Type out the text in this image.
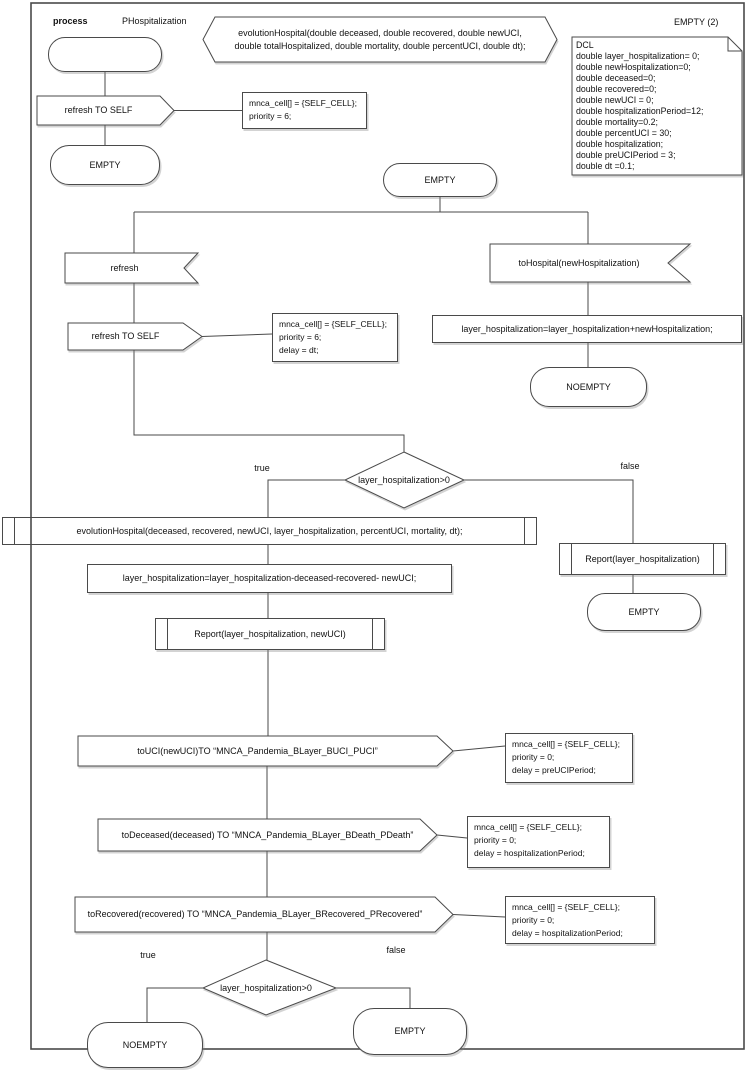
process	PHospitalization	EMPTY (2)
refresh TO SELF
evolutionHospital(double deceased, double recovered, double newUCI,
double totalHospitalized, double mortality, double percentUCI, double dt);	DCL
double layer_hospitalization= 0;
double newHospitalization=0;
double deceased=0;
double recovered=0;
double newUCI = 0;
double hospitalizationPeriod=12;
double mortality=0.2;
double percentUCI = 30;
double hospitalization;
double preUCIPeriod = 3;
double dt =0.1;
mnca_cell[] = {SELF_CELL};
priority = 6;
mnca_cell[] = {SELF_CELL};
priority = 6;
delay = dt;
mnca_cell[] = {SELF_CELL};
priority = 0;
delay = preUCIPeriod;
mnca_cell[] = {SELF_CELL};
priority = 0;
delay = hospitalizationPeriod;
mnca_cell[] = {SELF_CELL};
priority = 0;
delay = hospitalizationPeriod;
EMPTY
EMPTY
NOEMPTY
EMPTY
NOEMPTY
EMPTY
refresh	toHospital(newHospitalization)
refresh TO SELF
layer_hospitalization=layer_hospitalization+newHospitalization;
layer_hospitalization=layer_hospitalization-deceased-recovered- newUCI;
evolutionHospital(deceased, recovered, newUCI, layer_hospitalization, percentUCI, mortality, dt);
Report(layer_hospitalization)
Report(layer_hospitalization, newUCI)
layer_hospitalization>0
true	false
layer_hospitalization>0
true	false
toUCI(newUCI)TO “MNCA_Pandemia_BLayer_BUCI_PUCI”
toDeceased(deceased) TO “MNCA_Pandemia_BLayer_BDeath_PDeath”
toRecovered(recovered) TO “MNCA_Pandemia_BLayer_BRecovered_PRecovered”
